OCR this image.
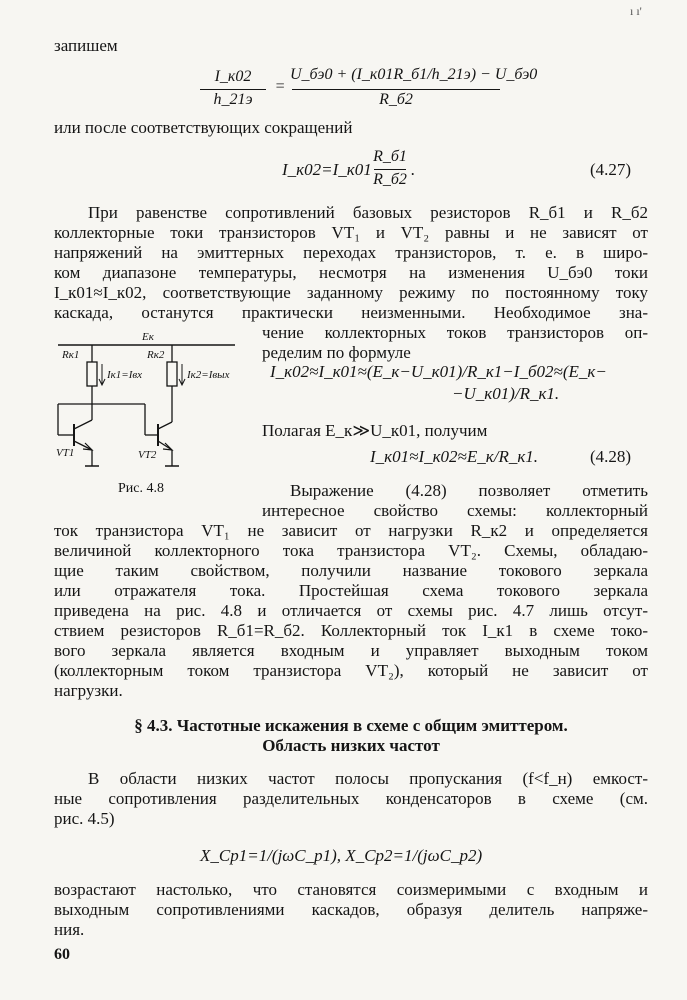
ı ı'
запишем
I_к02
h_21э
=
U_бэ0 + (I_к01R_б1/h_21э) − U_бэ0
R_б2
или после соответствующих сокращений
I_к02=I_к01
R_б1
R_б2
.	(4.27)
При равенстве сопротивлений базовых резисторов R_б1 и R_б2
коллекторные токи транзисторов VT₁ и VT₂ равны и не зависят от
напряжений на эмиттерных переходах транзисторов, т. е. в широ-
ком диапазоне температуры, несмотря на изменения U_бэ0 токи
I_к01≈I_к02, соответствующие заданному режиму по постоянному току
каскада, останутся практически неизменными. Необходимое зна-
чение коллекторных токов транзисторов оп-
ределим по формуле
Eк
Rк1
Iк1=Iвх
Rк2
Iк2=Iвых
VT1	VT2
Рис. 4.8
I_к02≈I_к01≈(E_к−U_к01)/R_к1−I_б02≈(E_к−
−U_к01)/R_к1.
Полагая E_к≫U_к01, получим
I_к01≈I_к02≈E_к/R_к1.	(4.28)
Выражение (4.28) позволяет отметить
интересное свойство схемы: коллекторный
ток транзистора VT₁ не зависит от нагрузки R_к2 и определяется
величиной коллекторного тока транзистора VT₂. Схемы, обладаю-
щие таким свойством, получили название токового зеркала
или отражателя тока. Простейшая схема токового зеркала
приведена на рис. 4.8 и отличается от схемы рис. 4.7 лишь отсут-
ствием резисторов R_б1=R_б2. Коллекторный ток I_к1 в схеме токо-
вого зеркала является входным и управляет выходным током
(коллекторным током транзистора VT₂), который не зависит от
нагрузки.
§ 4.3. Частотные искажения в схеме с общим эмиттером.
Область низких частот
В области низких частот полосы пропускания (f<f_н) емкост-
ные сопротивления разделительных конденсаторов в схеме (см.
рис. 4.5)
X_Cp1=1/(jωC_p1), X_Cp2=1/(jωC_p2)
возрастают настолько, что становятся соизмеримыми с входным и
выходным сопротивлениями каскадов, образуя делитель напряже-
ния.
60
